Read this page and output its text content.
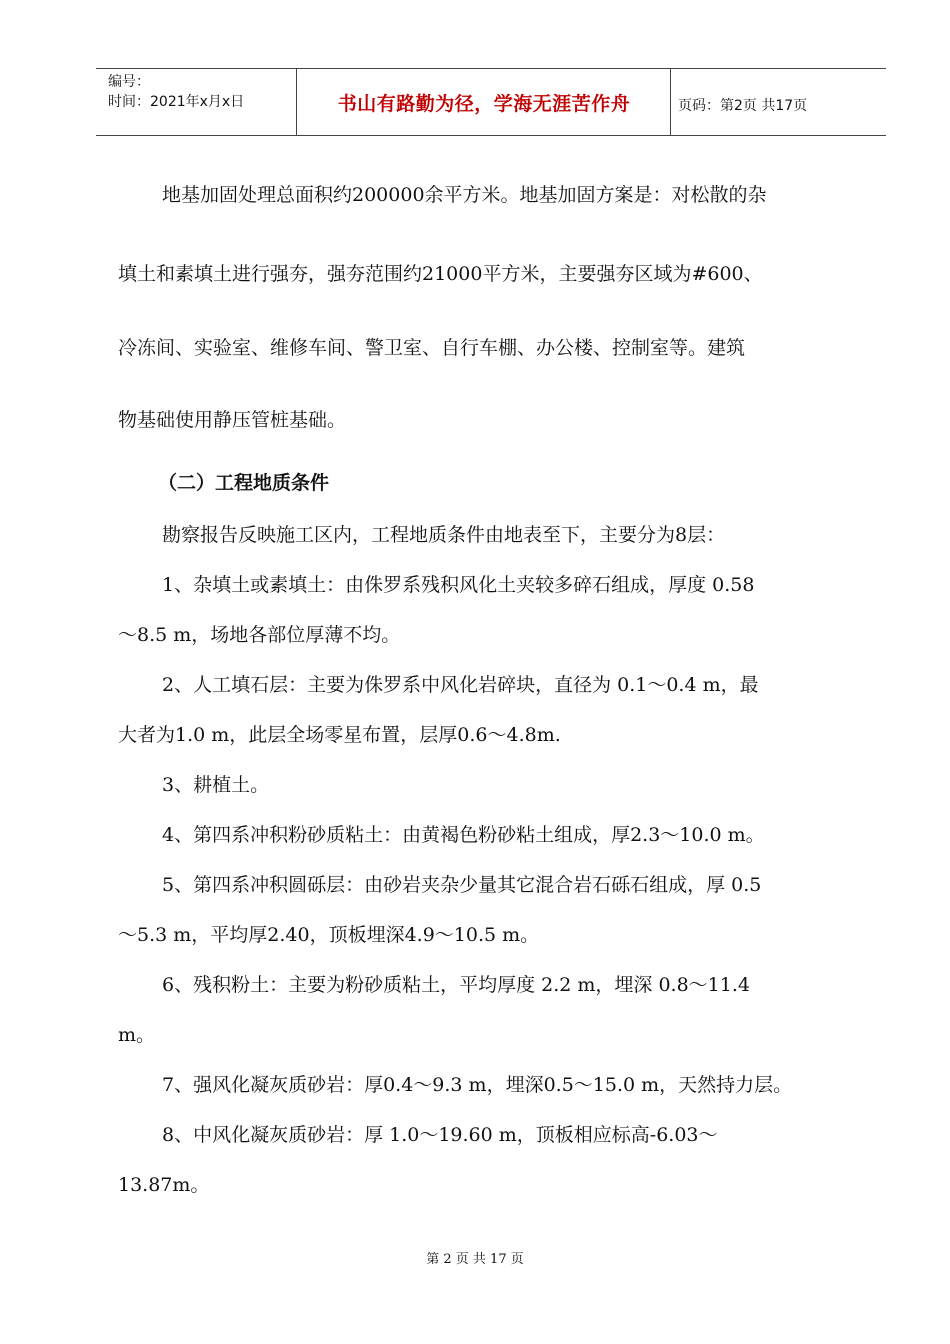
编号：
时间：2021年x月x日	书山有路勤为径，学海无涯苦作舟	页码：第2页 共17页
地基加固处理总面积约200000余平方米。地基加固方案是：对松散的杂
填土和素填土进行强夯，强夯范围约21000平方米，主要强夯区域为#600、
冷冻间、实验室、维修车间、警卫室、自行车棚、办公楼、控制室等。建筑
物基础使用静压管桩基础。
（二）工程地质条件
勘察报告反映施工区内，工程地质条件由地表至下，主要分为8层：
1、杂填土或素填土：由侏罗系残积风化土夹较多碎石组成，厚度 0.58
～8.5 m，场地各部位厚薄不均。
2、人工填石层：主要为侏罗系中风化岩碎块，直径为 0.1～0.4 m，最
大者为1.0 m，此层全场零星布置，层厚0.6～4.8m.
3、耕植土。
4、第四系冲积粉砂质粘土：由黄褐色粉砂粘土组成，厚2.3～10.0 m。
5、第四系冲积圆砾层：由砂岩夹杂少量其它混合岩石砾石组成，厚 0.5
～5.3 m，平均厚2.40，顶板埋深4.9～10.5 m。
6、残积粉土：主要为粉砂质粘土，平均厚度 2.2 m，埋深 0.8～11.4
m。
7、强风化凝灰质砂岩：厚0.4～9.3 m，埋深0.5～15.0 m，天然持力层。
8、中风化凝灰质砂岩：厚 1.0～19.60 m，顶板相应标高-6.03～
13.87m。
第 2 页 共 17 页
